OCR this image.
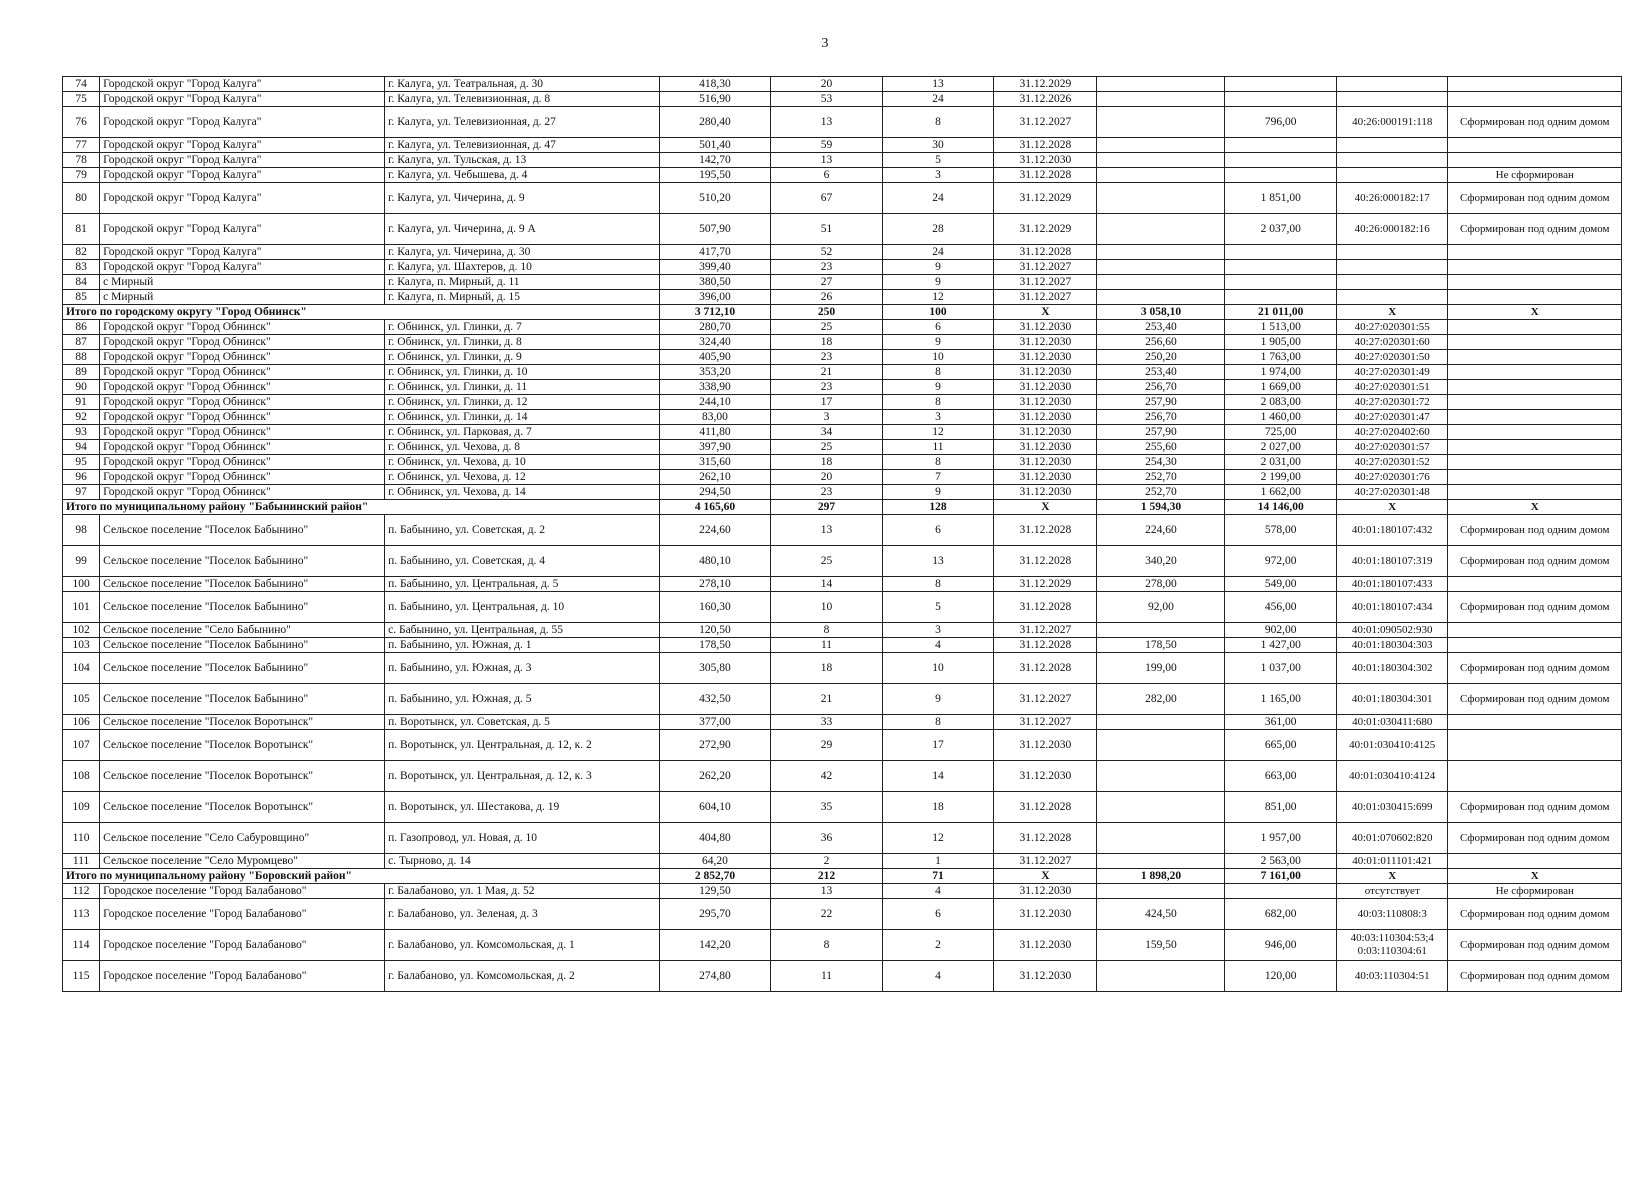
3
74	Городской округ "Город Калуга"	г. Калуга, ул. Театральная, д. 30	418,30	20	13	31.12.2029				
75	Городской округ "Город Калуга"	г. Калуга, ул. Телевизионная, д. 8	516,90	53	24	31.12.2026				
76	Городской округ "Город Калуга"	г. Калуга, ул. Телевизионная, д. 27	280,40	13	8	31.12.2027		796,00	40:26:000191:118	Сформирован под одним домом
77	Городской округ "Город Калуга"	г. Калуга, ул. Телевизионная, д. 47	501,40	59	30	31.12.2028				
78	Городской округ "Город Калуга"	г. Калуга, ул. Тульская, д. 13	142,70	13	5	31.12.2030				
79	Городской округ "Город Калуга"	г. Калуга, ул. Чебышева, д. 4	195,50	6	3	31.12.2028				Не сформирован
80	Городской округ "Город Калуга"	г. Калуга, ул. Чичерина, д. 9	510,20	67	24	31.12.2029		1 851,00	40:26:000182:17	Сформирован под одним домом
81	Городской округ "Город Калуга"	г. Калуга, ул. Чичерина, д. 9 А	507,90	51	28	31.12.2029		2 037,00	40:26:000182:16	Сформирован под одним домом
82	Городской округ "Город Калуга"	г. Калуга, ул. Чичерина, д. 30	417,70	52	24	31.12.2028				
83	Городской округ "Город Калуга"	г. Калуга, ул. Шахтеров, д. 10	399,40	23	9	31.12.2027				
84	с Мирный	г. Калуга, п. Мирный, д. 11	380,50	27	9	31.12.2027				
85	с Мирный	г. Калуга, п. Мирный, д. 15	396,00	26	12	31.12.2027				
Итого по городскому округу "Город Обнинск"			3 712,10	250	100	X	3 058,10	21 011,00	X	X
86	Городской округ "Город Обнинск"	г. Обнинск, ул. Глинки, д. 7	280,70	25	6	31.12.2030	253,40	1 513,00	40:27:020301:55	
87	Городской округ "Город Обнинск"	г. Обнинск, ул. Глинки, д. 8	324,40	18	9	31.12.2030	256,60	1 905,00	40:27:020301:60	
88	Городской округ "Город Обнинск"	г. Обнинск, ул. Глинки, д. 9	405,90	23	10	31.12.2030	250,20	1 763,00	40:27:020301:50	
89	Городской округ "Город Обнинск"	г. Обнинск, ул. Глинки, д. 10	353,20	21	8	31.12.2030	253,40	1 974,00	40:27:020301:49	
90	Городской округ "Город Обнинск"	г. Обнинск, ул. Глинки, д. 11	338,90	23	9	31.12.2030	256,70	1 669,00	40:27:020301:51	
91	Городской округ "Город Обнинск"	г. Обнинск, ул. Глинки, д. 12	244,10	17	8	31.12.2030	257,90	2 083,00	40:27:020301:72	
92	Городской округ "Город Обнинск"	г. Обнинск, ул. Глинки, д. 14	83,00	3	3	31.12.2030	256,70	1 460,00	40:27:020301:47	
93	Городской округ "Город Обнинск"	г. Обнинск, ул. Парковая, д. 7	411,80	34	12	31.12.2030	257,90	725,00	40:27:020402:60	
94	Городской округ "Город Обнинск"	г. Обнинск, ул. Чехова, д. 8	397,90	25	11	31.12.2030	255,60	2 027,00	40:27:020301:57	
95	Городской округ "Город Обнинск"	г. Обнинск, ул. Чехова, д. 10	315,60	18	8	31.12.2030	254,30	2 031,00	40:27:020301:52	
96	Городской округ "Город Обнинск"	г. Обнинск, ул. Чехова, д. 12	262,10	20	7	31.12.2030	252,70	2 199,00	40:27:020301:76	
97	Городской округ "Город Обнинск"	г. Обнинск, ул. Чехова, д. 14	294,50	23	9	31.12.2030	252,70	1 662,00	40:27:020301:48	
Итого по муниципальному району "Бабынинский район"			4 165,60	297	128	X	1 594,30	14 146,00	X	X
98	Сельское поселение "Поселок Бабынино"	п. Бабынино, ул. Советская, д. 2	224,60	13	6	31.12.2028	224,60	578,00	40:01:180107:432	Сформирован под одним домом
99	Сельское поселение "Поселок Бабынино"	п. Бабынино, ул. Советская, д. 4	480,10	25	13	31.12.2028	340,20	972,00	40:01:180107:319	Сформирован под одним домом
100	Сельское поселение "Поселок Бабынино"	п. Бабынино, ул. Центральная, д. 5	278,10	14	8	31.12.2029	278,00	549,00	40:01:180107:433	
101	Сельское поселение "Поселок Бабынино"	п. Бабынино, ул. Центральная, д. 10	160,30	10	5	31.12.2028	92,00	456,00	40:01:180107:434	Сформирован под одним домом
102	Сельское поселение "Село Бабынино"	с. Бабынино, ул. Центральная, д. 55	120,50	8	3	31.12.2027		902,00	40:01:090502:930	
103	Сельское поселение "Поселок Бабынино"	п. Бабынино, ул. Южная, д. 1	178,50	11	4	31.12.2028	178,50	1 427,00	40:01:180304:303	
104	Сельское поселение "Поселок Бабынино"	п. Бабынино, ул. Южная, д. 3	305,80	18	10	31.12.2028	199,00	1 037,00	40:01:180304:302	Сформирован под одним домом
105	Сельское поселение "Поселок Бабынино"	п. Бабынино, ул. Южная, д. 5	432,50	21	9	31.12.2027	282,00	1 165,00	40:01:180304:301	Сформирован под одним домом
106	Сельское поселение "Поселок Воротынск"	п. Воротынск, ул. Советская, д. 5	377,00	33	8	31.12.2027		361,00	40:01:030411:680	
107	Сельское поселение "Поселок Воротынск"	п. Воротынск, ул. Центральная, д. 12, к. 2	272,90	29	17	31.12.2030		665,00	40:01:030410:4125	
108	Сельское поселение "Поселок Воротынск"	п. Воротынск, ул. Центральная, д. 12, к. 3	262,20	42	14	31.12.2030		663,00	40:01:030410:4124	
109	Сельское поселение "Поселок Воротынск"	п. Воротынск, ул. Шестакова, д. 19	604,10	35	18	31.12.2028		851,00	40:01:030415:699	Сформирован под одним домом
110	Сельское поселение "Село Сабуровщино"	п. Газопровод, ул. Новая, д. 10	404,80	36	12	31.12.2028		1 957,00	40:01:070602:820	Сформирован под одним домом
111	Сельское поселение "Село Муромцево"	с. Тырново, д. 14	64,20	2	1	31.12.2027		2 563,00	40:01:011101:421	
Итого по муниципальному району "Боровский район"			2 852,70	212	71	X	1 898,20	7 161,00	X	X
112	Городское поселение "Город Балабаново"	г. Балабаново, ул. 1 Мая, д. 52	129,50	13	4	31.12.2030			отсутствует	Не сформирован
113	Городское поселение "Город Балабаново"	г. Балабаново, ул. Зеленая, д. 3	295,70	22	6	31.12.2030	424,50	682,00	40:03:110808:3	Сформирован под одним домом
114	Городское поселение "Город Балабаново"	г. Балабаново, ул. Комсомольская, д. 1	142,20	8	2	31.12.2030	159,50	946,00	40:03:110304:53;4 0:03:110304:61	Сформирован под одним домом
115	Городское поселение "Город Балабаново"	г. Балабаново, ул. Комсомольская, д. 2	274,80	11	4	31.12.2030		120,00	40:03:110304:51	Сформирован под одним домом
